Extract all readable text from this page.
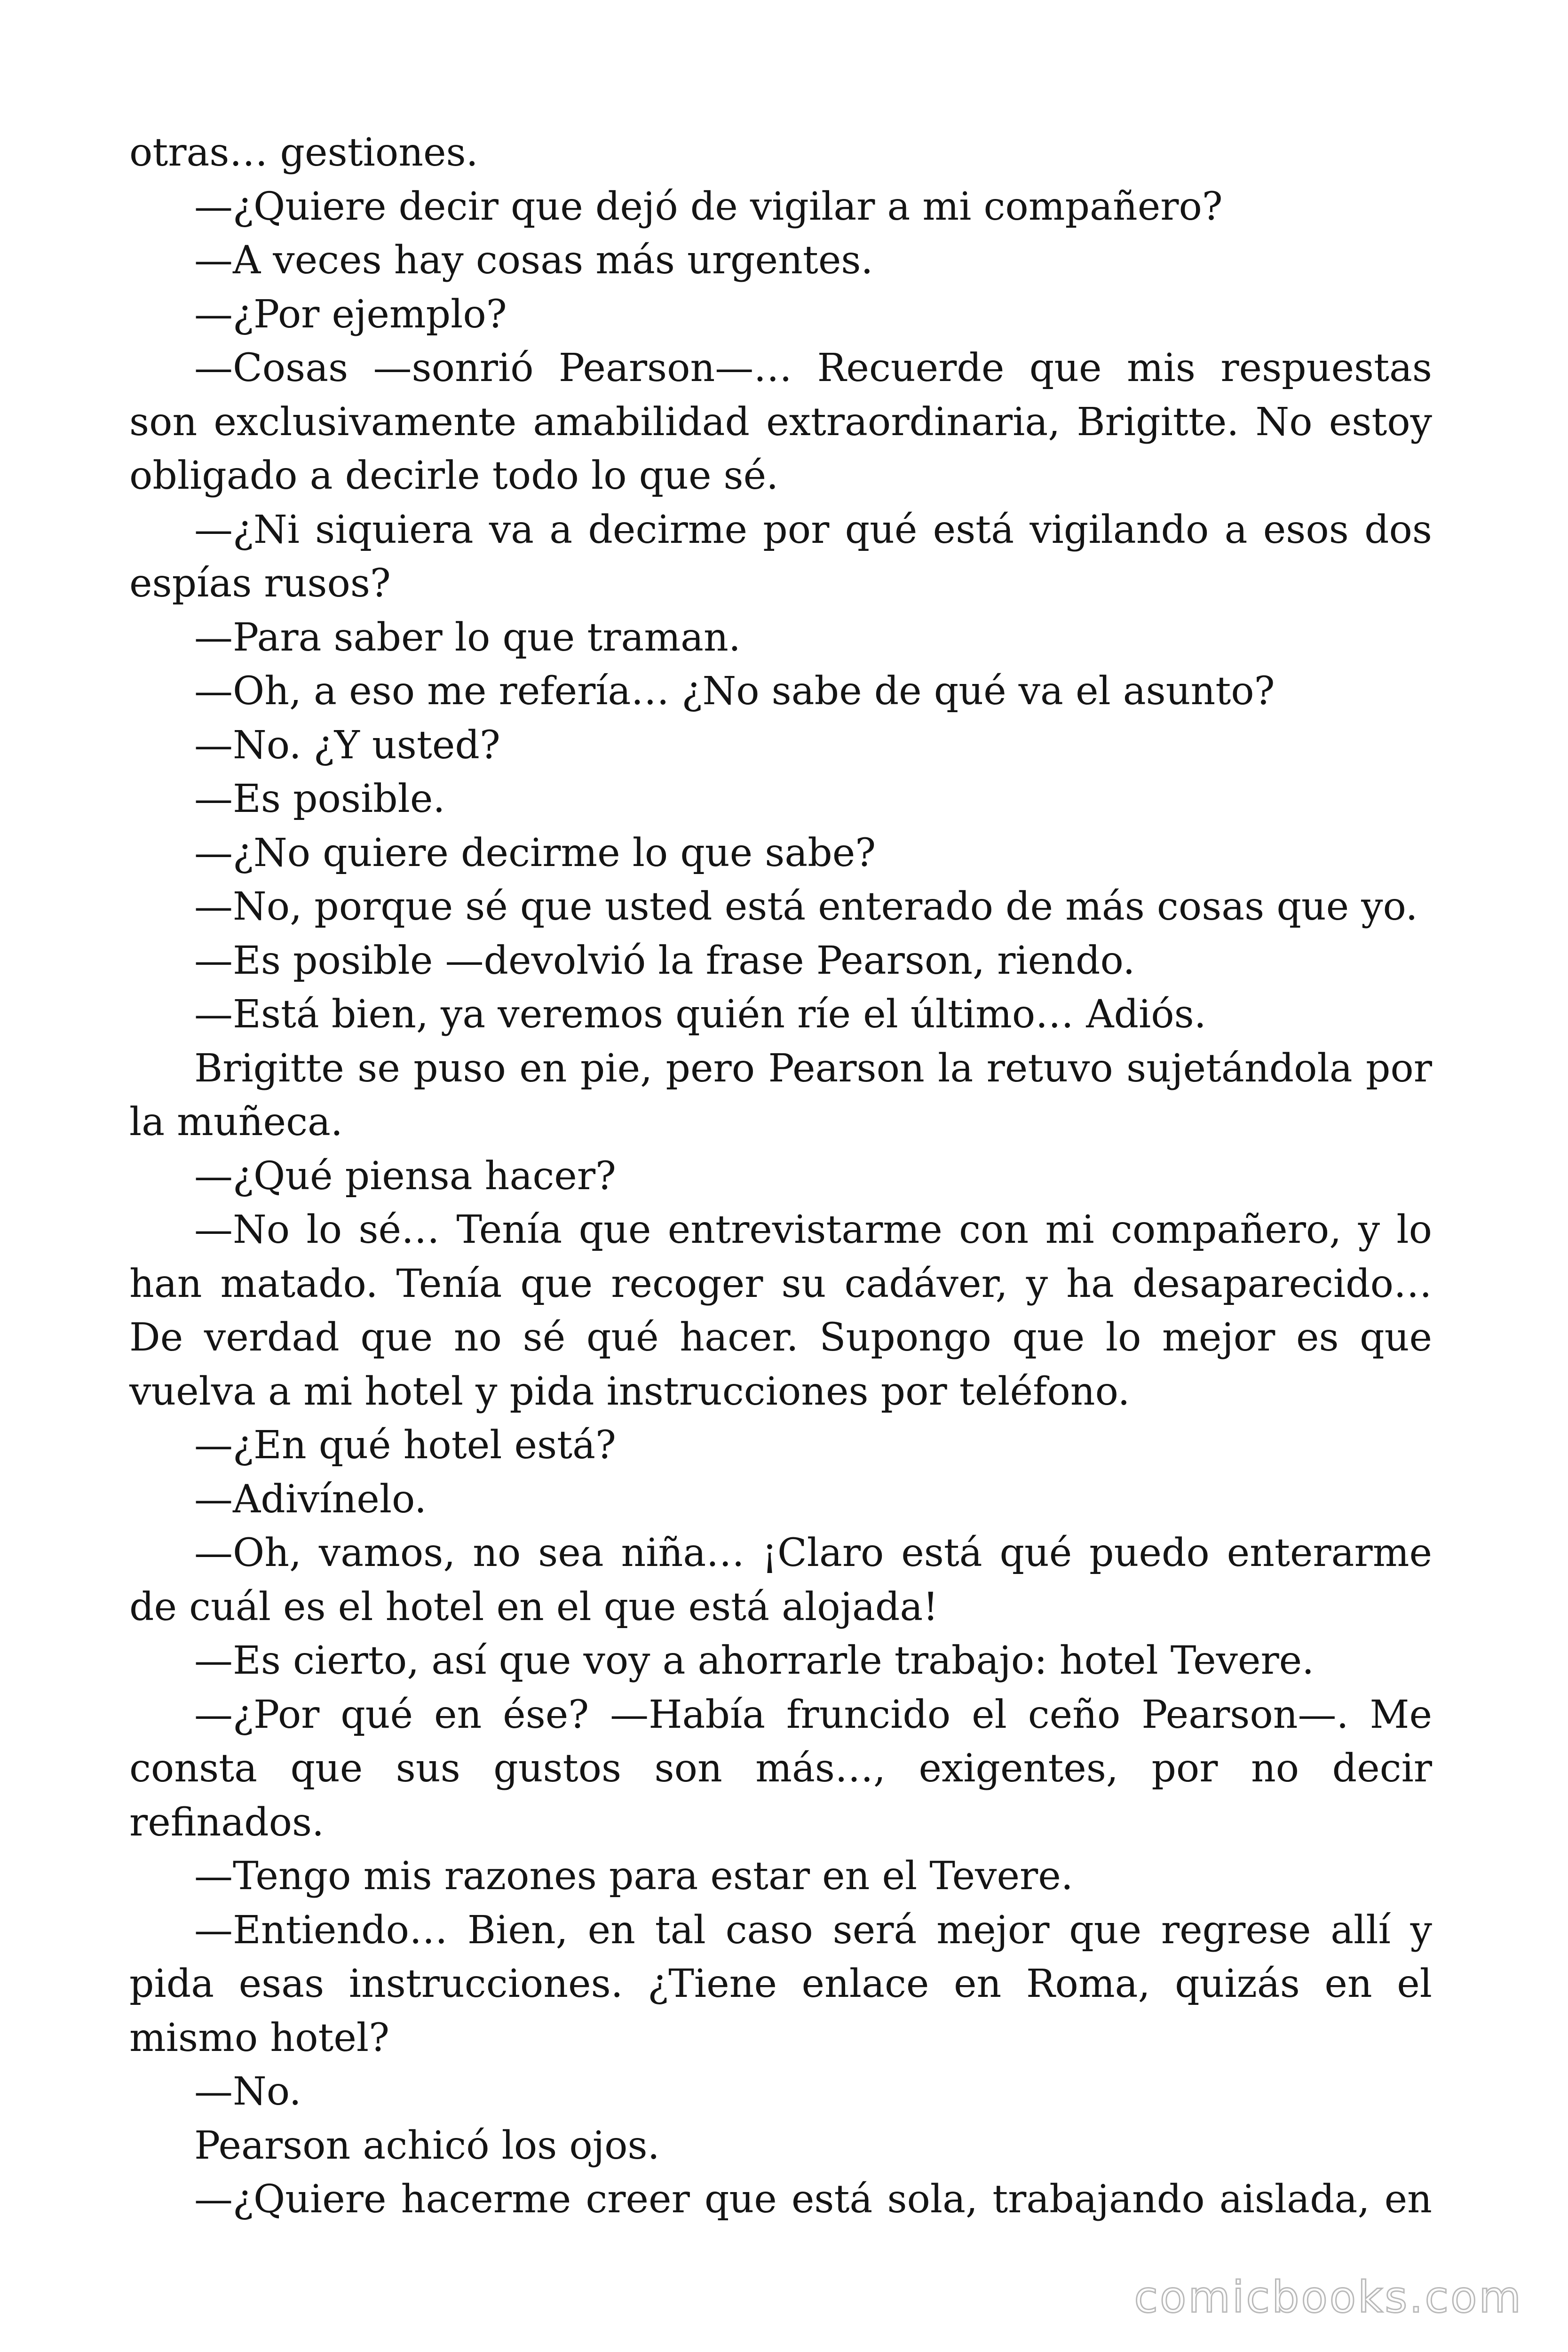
otras… gestiones.

—¿Quiere decir que dejó de vigilar a mi compañero?

—A veces hay cosas más urgentes.

—¿Por ejemplo?

—Cosas —sonrió Pearson—… Recuerde que mis respuestas son exclusivamente amabilidad extraordinaria, Brigitte. No estoy obligado a decirle todo lo que sé.

—¿Ni siquiera va a decirme por qué está vigilando a esos dos espías rusos?

—Para saber lo que traman.

—Oh, a eso me refería… ¿No sabe de qué va el asunto?

—No. ¿Y usted?

—Es posible.

—¿No quiere decirme lo que sabe?

—No, porque sé que usted está enterado de más cosas que yo.

—Es posible —devolvió la frase Pearson, riendo.

—Está bien, ya veremos quién ríe el último… Adiós.

Brigitte se puso en pie, pero Pearson la retuvo sujetándola por la muñeca.

—¿Qué piensa hacer?

—No lo sé… Tenía que entrevistarme con mi compañero, y lo han matado. Tenía que recoger su cadáver, y ha desaparecido… De verdad que no sé qué hacer. Supongo que lo mejor es que vuelva a mi hotel y pida instrucciones por teléfono.

—¿En qué hotel está?

—Adivínelo.

—Oh, vamos, no sea niña… ¡Claro está qué puedo enterarme de cuál es el hotel en el que está alojada!

—Es cierto, así que voy a ahorrarle trabajo: hotel Tevere.

—¿Por qué en ése? —Había fruncido el ceño Pearson—. Me consta que sus gustos son más…, exigentes, por no decir refinados.

—Tengo mis razones para estar en el Tevere.

—Entiendo… Bien, en tal caso será mejor que regrese allí y pida esas instrucciones. ¿Tiene enlace en Roma, quizás en el mismo hotel?

—No.

Pearson achicó los ojos.

—¿Quiere hacerme creer que está sola, trabajando aislada, en

comicbooks.com
